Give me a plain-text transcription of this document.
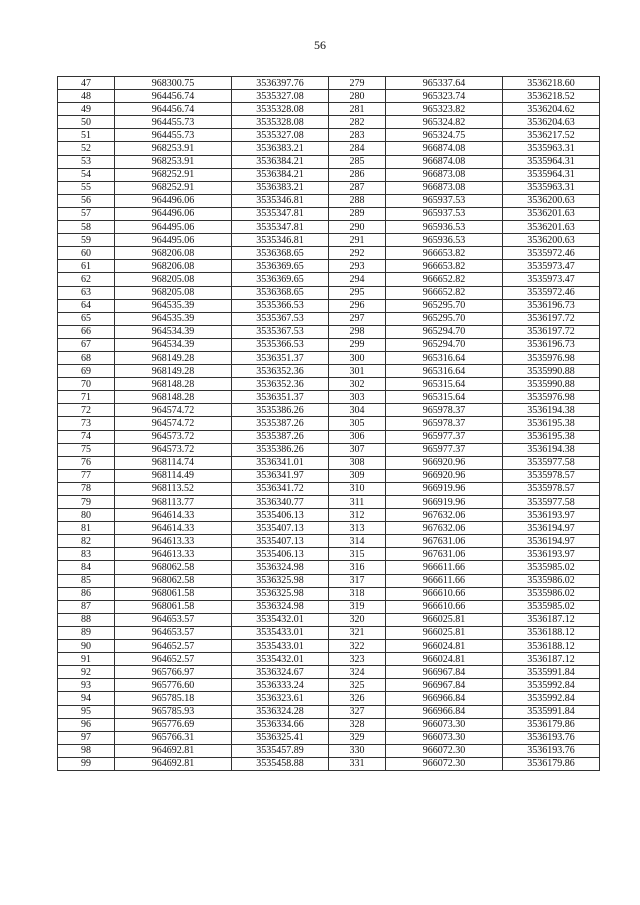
56
47	968300.75	3536397.76	279	965337.64	3536218.60
48	964456.74	3535327.08	280	965323.74	3536218.52
49	964456.74	3535328.08	281	965323.82	3536204.62
50	964455.73	3535328.08	282	965324.82	3536204.63
51	964455.73	3535327.08	283	965324.75	3536217.52
52	968253.91	3536383.21	284	966874.08	3535963.31
53	968253.91	3536384.21	285	966874.08	3535964.31
54	968252.91	3536384.21	286	966873.08	3535964.31
55	968252.91	3536383.21	287	966873.08	3535963.31
56	964496.06	3535346.81	288	965937.53	3536200.63
57	964496.06	3535347.81	289	965937.53	3536201.63
58	964495.06	3535347.81	290	965936.53	3536201.63
59	964495.06	3535346.81	291	965936.53	3536200.63
60	968206.08	3536368.65	292	966653.82	3535972.46
61	968206.08	3536369.65	293	966653.82	3535973.47
62	968205.08	3536369.65	294	966652.82	3535973.47
63	968205.08	3536368.65	295	966652.82	3535972.46
64	964535.39	3535366.53	296	965295.70	3536196.73
65	964535.39	3535367.53	297	965295.70	3536197.72
66	964534.39	3535367.53	298	965294.70	3536197.72
67	964534.39	3535366.53	299	965294.70	3536196.73
68	968149.28	3536351.37	300	965316.64	3535976.98
69	968149.28	3536352.36	301	965316.64	3535990.88
70	968148.28	3536352.36	302	965315.64	3535990.88
71	968148.28	3536351.37	303	965315.64	3535976.98
72	964574.72	3535386.26	304	965978.37	3536194.38
73	964574.72	3535387.26	305	965978.37	3536195.38
74	964573.72	3535387.26	306	965977.37	3536195.38
75	964573.72	3535386.26	307	965977.37	3536194.38
76	968114.74	3536341.01	308	966920.96	3535977.58
77	968114.49	3536341.97	309	966920.96	3535978.57
78	968113.52	3536341.72	310	966919.96	3535978.57
79	968113.77	3536340.77	311	966919.96	3535977.58
80	964614.33	3535406.13	312	967632.06	3536193.97
81	964614.33	3535407.13	313	967632.06	3536194.97
82	964613.33	3535407.13	314	967631.06	3536194.97
83	964613.33	3535406.13	315	967631.06	3536193.97
84	968062.58	3536324.98	316	966611.66	3535985.02
85	968062.58	3536325.98	317	966611.66	3535986.02
86	968061.58	3536325.98	318	966610.66	3535986.02
87	968061.58	3536324.98	319	966610.66	3535985.02
88	964653.57	3535432.01	320	966025.81	3536187.12
89	964653.57	3535433.01	321	966025.81	3536188.12
90	964652.57	3535433.01	322	966024.81	3536188.12
91	964652.57	3535432.01	323	966024.81	3536187.12
92	965766.97	3536324.67	324	966967.84	3535991.84
93	965776.60	3536333.24	325	966967.84	3535992.84
94	965785.18	3536323.61	326	966966.84	3535992.84
95	965785.93	3536324.28	327	966966.84	3535991.84
96	965776.69	3536334.66	328	966073.30	3536179.86
97	965766.31	3536325.41	329	966073.30	3536193.76
98	964692.81	3535457.89	330	966072.30	3536193.76
99	964692.81	3535458.88	331	966072.30	3536179.86
